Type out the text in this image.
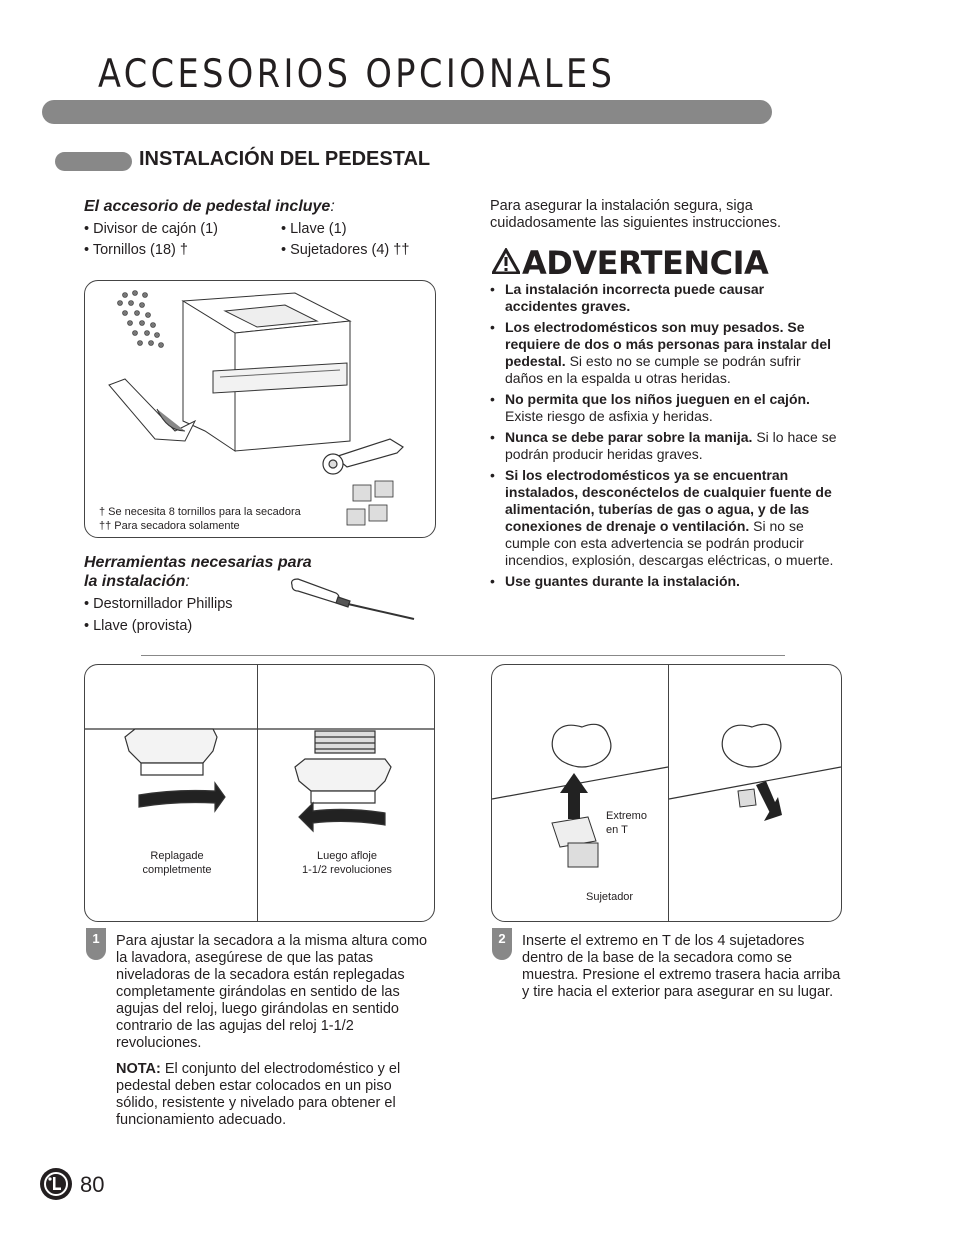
ACCESORIOS OPCIONALES
INSTALACIÓN DEL PEDESTAL
El accesorio de pedestal incluye:
• Divisor de cajón (1)	• Llave (1)
• Tornillos (18) †	• Sujetadores (4) ††
† Se necesita 8 tornillos para la secadora
†† Para secadora solamente
Herramientas necesarias para
la instalación:
• Destornillador Phillips
• Llave (provista)
Para asegurar la instalación segura, siga cuidadosamente las siguientes instrucciones.
ADVERTENCIA
• La instalación incorrecta puede causar accidentes graves.
• Los electrodomésticos son muy pesados. Se requiere de dos o más personas para instalar del pedestal. Si esto no se cumple se podrán sufrir daños en la espalda u otras heridas.
• No permita que los niños jueguen en el cajón. Existe riesgo de asfixia y heridas.
• Nunca se debe parar sobre la manija. Si lo hace se podrán producir heridas graves.
• Si los electrodomésticos ya se encuentran instalados, desconéctelos de cualquier fuente de alimentación, tuberías de gas o agua, y de las conexiones de drenaje o ventilación. Si no se cumple con esta advertencia se podrán producir incendios, explosión, descargas eléctricas, o muerte.
• Use guantes durante la instalación.
Replagade
completmente
Luego afloje
1-1/2 revoluciones
Extremo
en T
Sujetador
1	Para ajustar la secadora a la misma altura como la lavadora, asegúrese de que las patas niveladoras de la secadora están replegadas completamente girándolas en sentido de las agujas del reloj, luego girándolas en sentido contrario de las agujas del reloj 1-1/2 revoluciones.
NOTA: El conjunto del electrodoméstico y el pedestal deben estar colocados en un piso sólido, resistente y nivelado para obtener el funcionamiento adecuado.
2	Inserte el extremo en T de los 4 sujetadores dentro de la base de la secadora como se muestra. Presione el extremo trasera hacia arriba y tire hacia el exterior para asegurar en su lugar.
80
